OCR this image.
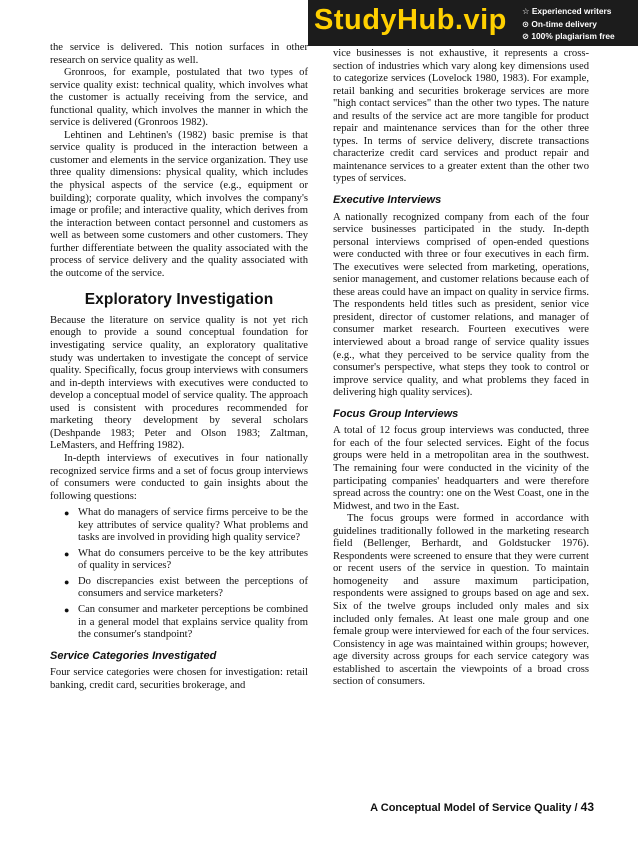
the service is delivered. This notion surfaces in other research on service quality as well.

Gronroos, for example, postulated that two types of service quality exist: technical quality, which involves what the customer is actually receiving from the service, and functional quality, which involves the manner in which the service is delivered (Gronroos 1982).

Lehtinen and Lehtinen's (1982) basic premise is that service quality is produced in the interaction between a customer and elements in the service organization. They use three quality dimensions: physical quality, which includes the physical aspects of the service (e.g., equipment or building); corporate quality, which involves the company's image or profile; and interactive quality, which derives from the interaction between contact personnel and customers as well as between some customers and other customers. They further differentiate between the quality associated with the process of service delivery and the quality associated with the outcome of the service.

Exploratory Investigation

Because the literature on service quality is not yet rich enough to provide a sound conceptual foundation for investigating service quality, an exploratory qualitative study was undertaken to investigate the concept of service quality. Specifically, focus group interviews with consumers and in-depth interviews with executives were conducted to develop a conceptual model of service quality. The approach used is consistent with procedures recommended for marketing theory development by several scholars (Deshpande 1983; Peter and Olson 1983; Zaltman, LeMasters, and Heffring 1982).

In-depth interviews of executives in four nationally recognized service firms and a set of focus group interviews of consumers were conducted to gain insights about the following questions:

● What do managers of service firms perceive to be the key attributes of service quality? What problems and tasks are involved in providing high quality service?
● What do consumers perceive to be the key attributes of quality in services?
● Do discrepancies exist between the perceptions of consumers and service marketers?
● Can consumer and marketer perceptions be combined in a general model that explains service quality from the consumer's standpoint?
Service Categories Investigated

Four service categories were chosen for investigation: retail banking, credit card, securities brokerage, and

vice businesses is not exhaustive, it represents a cross-section of industries which vary along key dimensions used to categorize services (Lovelock 1980, 1983). For example, retail banking and securities brokerage services are more "high contact services" than the other two types. The nature and results of the service act are more tangible for product repair and maintenance services than for the other three types. In terms of service delivery, discrete transactions characterize credit card services and product repair and maintenance services to a greater extent than the other two types of services.

Executive Interviews

A nationally recognized company from each of the four service businesses participated in the study. In-depth personal interviews comprised of open-ended questions were conducted with three or four executives in each firm. The executives were selected from marketing, operations, senior management, and customer relations because each of these areas could have an impact on quality in service firms. The respondents held titles such as president, senior vice president, director of customer relations, and manager of consumer market research. Fourteen executives were interviewed about a broad range of service quality issues (e.g., what they perceived to be service quality from the consumer's perspective, what steps they took to control or improve service quality, and what problems they faced in delivering high quality services).

Focus Group Interviews

A total of 12 focus group interviews was conducted, three for each of the four selected services. Eight of the focus groups were held in a metropolitan area in the southwest. The remaining four were conducted in the vicinity of the participating companies' headquarters and were therefore spread across the country: one on the West Coast, one in the Midwest, and two in the East.

The focus groups were formed in accordance with guidelines traditionally followed in the marketing research field (Bellenger, Berhardt, and Goldstucker 1976). Respondents were screened to ensure that they were current or recent users of the service in question. To maintain homogeneity and assure maximum participation, respondents were assigned to groups based on age and sex. Six of the twelve groups included only males and six included only females. At least one male group and one female group were interviewed for each of the four services. Consistency in age was maintained within groups; however, age diversity across groups for each service category was established to ascertain the viewpoints of a broad cross section of consumers.

StudyHub.vip ☆ Experienced writers
⊙ On-time delivery
⊘ 100% plagiarism free
A Conceptual Model of Service Quality / 43
